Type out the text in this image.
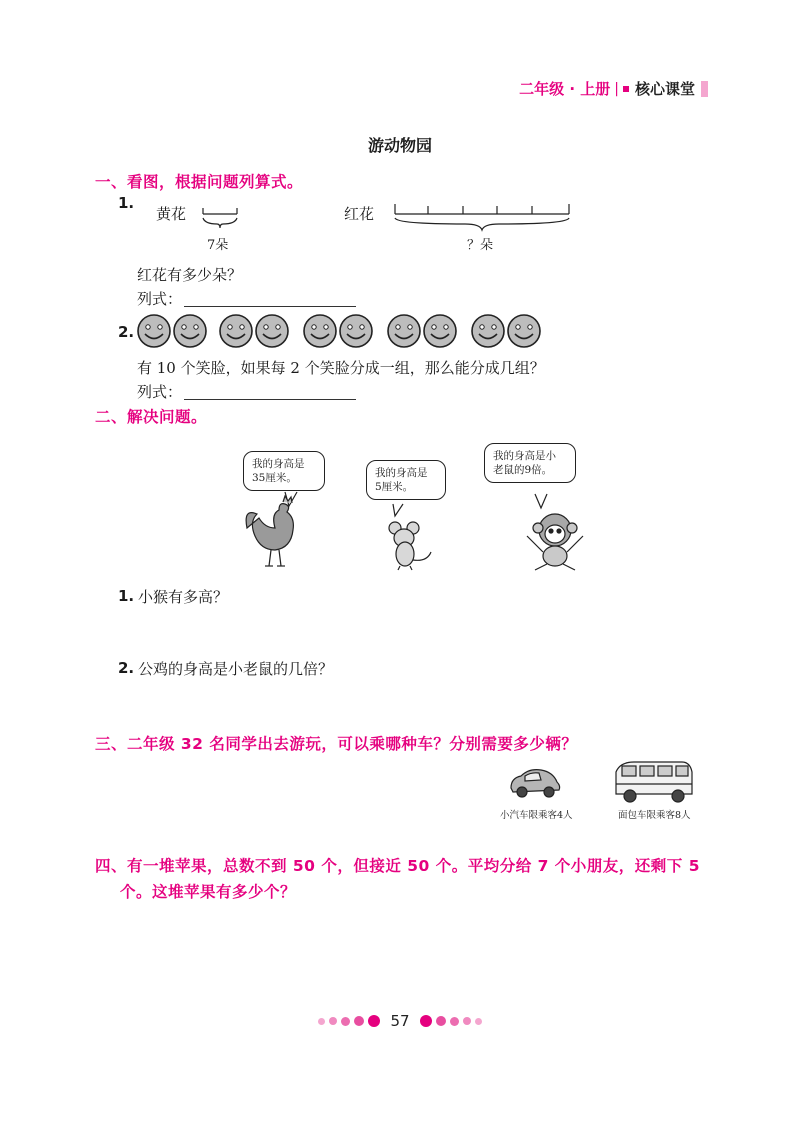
二年级 · 上册 | 核心课堂
游动物园
一、看图，根据问题列算式。
1.
黄花
7朵
红花
？朵
红花有多少朵？
列式：
2.
有 10 个笑脸，如果每 2 个笑脸分成一组，那么能分成几组？
列式：
二、解决问题。
我的身高是
35厘米。	我的身高是
5厘米。
我的身高是小
老鼠的9倍。
1. 小猴有多高？
2. 公鸡的身高是小老鼠的几倍？
三、二年级 32 名同学出去游玩，可以乘哪种车？分别需要多少辆？
小汽车限乘客4人	面包车限乘客8人
四、有一堆苹果，总数不到 50 个，但接近 50 个。平均分给 7 个小朋友，还剩下 5
个。这堆苹果有多少个？
57
